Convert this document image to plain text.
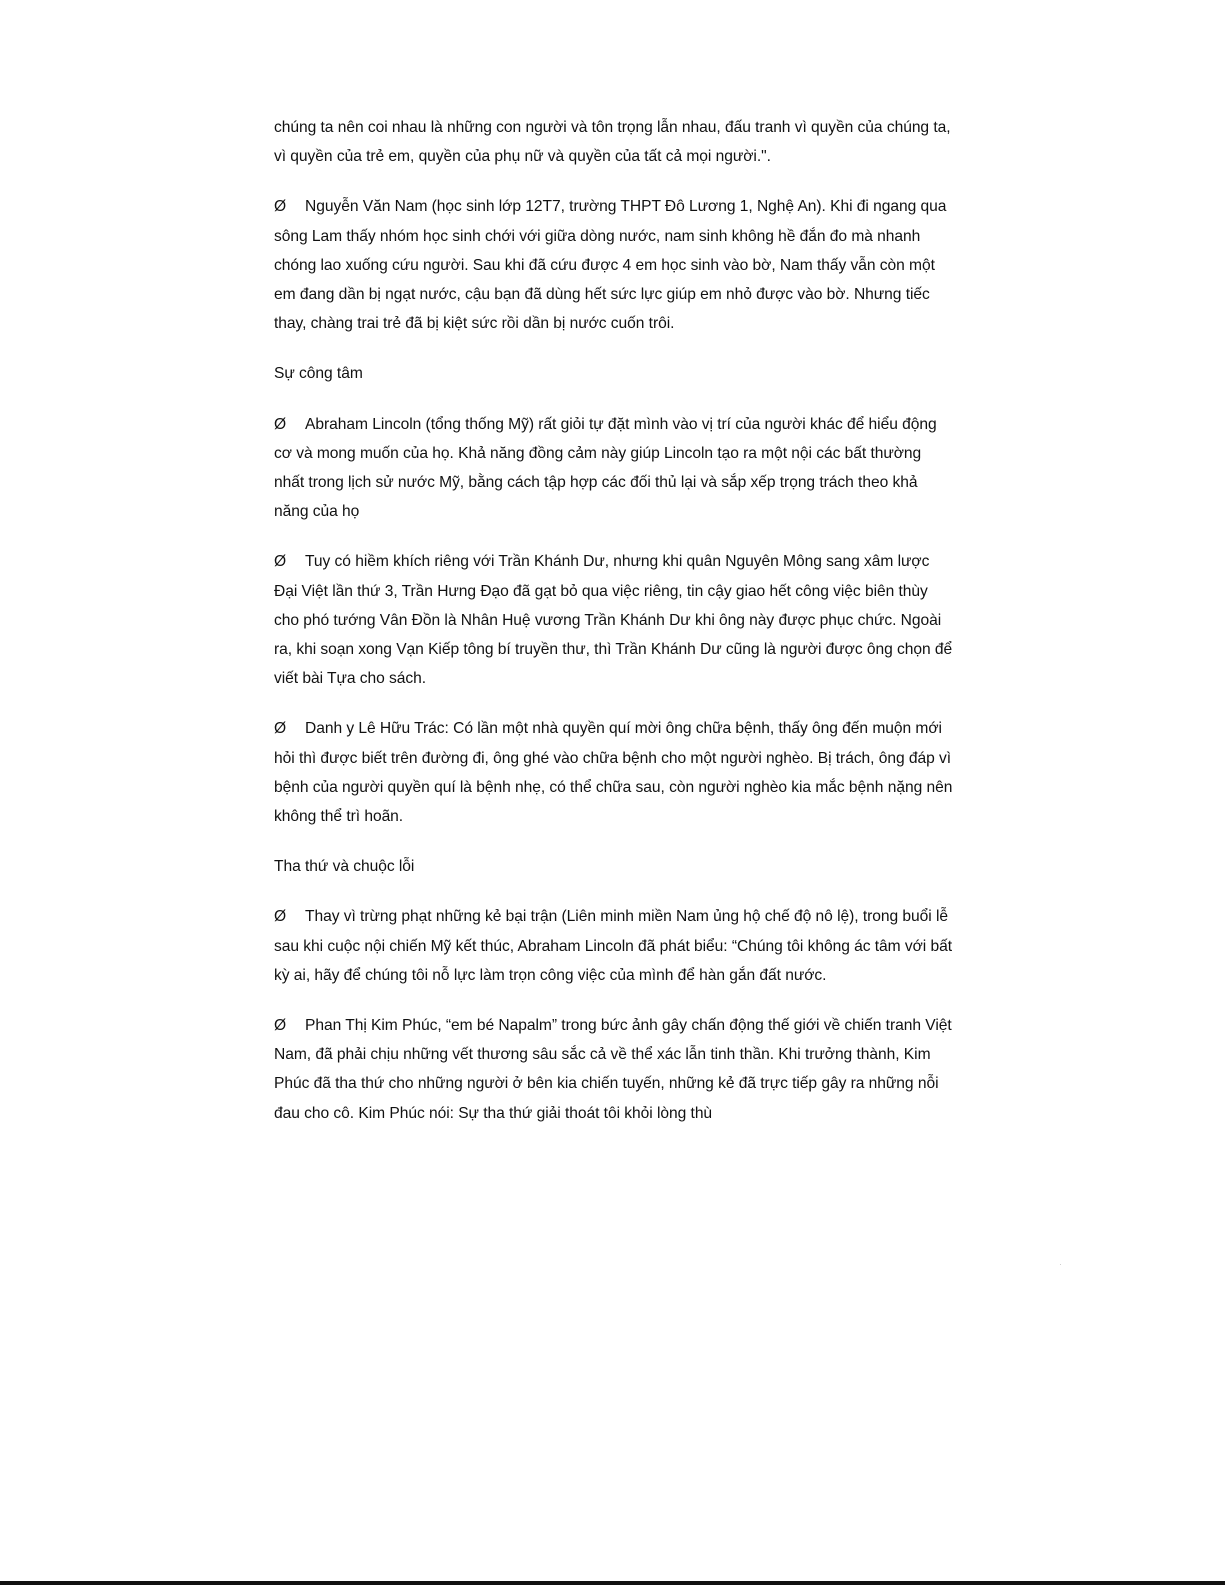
chúng ta nên coi nhau là những con người và tôn trọng lẫn nhau, đấu tranh vì quyền của chúng ta, vì quyền của trẻ em, quyền của phụ nữ và quyền của tất cả mọi người.".

Ø Nguyễn Văn Nam (học sinh lớp 12T7, trường THPT Đô Lương 1, Nghệ An). Khi đi ngang qua sông Lam thấy nhóm học sinh chới với giữa dòng nước, nam sinh không hề đắn đo mà nhanh chóng lao xuống cứu người. Sau khi đã cứu được 4 em học sinh vào bờ, Nam thấy vẫn còn một em đang dần bị ngạt nước, cậu bạn đã dùng hết sức lực giúp em nhỏ được vào bờ. Nhưng tiếc thay, chàng trai trẻ đã bị kiệt sức rồi dần bị nước cuốn trôi.

Sự công tâm

Ø Abraham Lincoln (tổng thống Mỹ) rất giỏi tự đặt mình vào vị trí của người khác để hiểu động cơ và mong muốn của họ. Khả năng đồng cảm này giúp Lincoln tạo ra một nội các bất thường nhất trong lịch sử nước Mỹ, bằng cách tập hợp các đối thủ lại và sắp xếp trọng trách theo khả năng của họ

Ø Tuy có hiềm khích riêng với Trần Khánh Dư, nhưng khi quân Nguyên Mông sang xâm lược Đại Việt lần thứ 3, Trần Hưng Đạo đã gạt bỏ qua việc riêng, tin cậy giao hết công việc biên thùy cho phó tướng Vân Đồn là Nhân Huệ vương Trần Khánh Dư khi ông này được phục chức. Ngoài ra, khi soạn xong Vạn Kiếp tông bí truyền thư, thì Trần Khánh Dư cũng là người được ông chọn để viết bài Tựa cho sách.

Ø Danh y Lê Hữu Trác: Có lần một nhà quyền quí mời ông chữa bệnh, thấy ông đến muộn mới hỏi thì được biết trên đường đi, ông ghé vào chữa bệnh cho một người nghèo. Bị trách, ông đáp vì bệnh của người quyền quí là bệnh nhẹ, có thể chữa sau, còn người nghèo kia mắc bệnh nặng nên không thể trì hoãn.

Tha thứ và chuộc lỗi

Ø Thay vì trừng phạt những kẻ bại trận (Liên minh miền Nam ủng hộ chế độ nô lệ), trong buổi lễ sau khi cuộc nội chiến Mỹ kết thúc, Abraham Lincoln đã phát biểu: “Chúng tôi không ác tâm với bất kỳ ai, hãy để chúng tôi nỗ lực làm trọn công việc của mình để hàn gắn đất nước.

Ø Phan Thị Kim Phúc, “em bé Napalm” trong bức ảnh gây chấn động thế giới về chiến tranh Việt Nam, đã phải chịu những vết thương sâu sắc cả về thể xác lẫn tinh thần. Khi trưởng thành, Kim Phúc đã tha thứ cho những người ở bên kia chiến tuyến, những kẻ đã trực tiếp gây ra những nỗi đau cho cô. Kim Phúc nói: Sự tha thứ giải thoát tôi khỏi lòng thù
